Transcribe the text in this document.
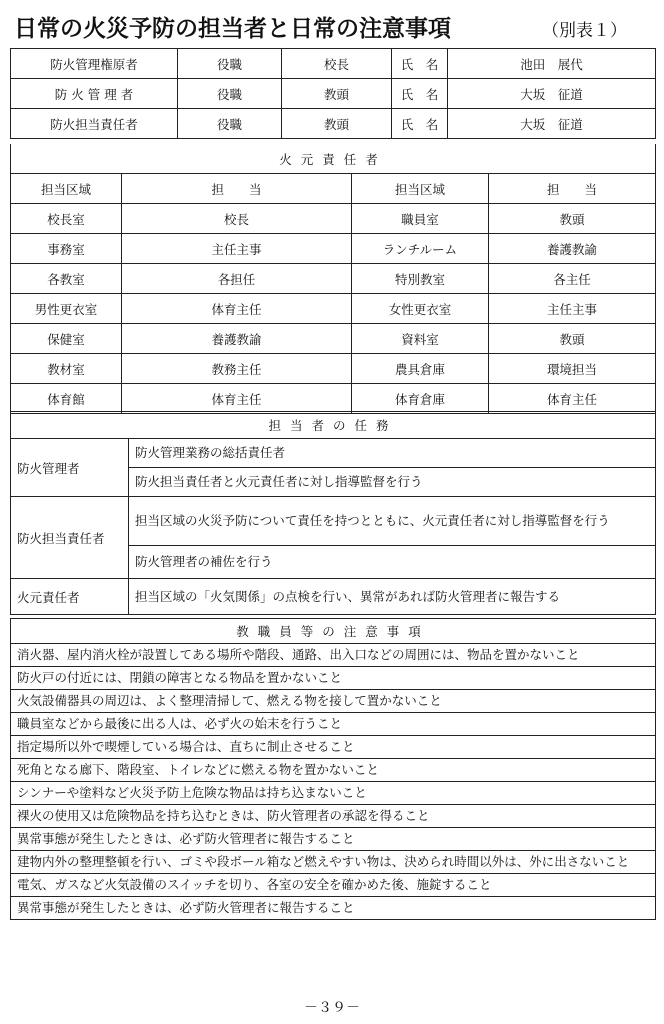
日常の火災予防の担当者と日常の注意事項	（別表１）
防火管理権原者	役職	校長	氏　名	池田　展代
防 火 管 理 者	役職	教頭	氏　名	大坂　征道
防火担当責任者	役職	教頭	氏　名	大坂　征道
火元責任者			
担当区域	担　　当	担当区域	担　　当
校長室	校長	職員室	教頭
事務室	主任主事	ランチルーム	養護教諭
各教室	各担任	特別教室	各主任
男性更衣室	体育主任	女性更衣室	主任主事
保健室	養護教諭	資料室	教頭
教材室	教務主任	農具倉庫	環境担当
体育館	体育主任	体育倉庫	体育主任
担当者の任務	
防火管理者	防火管理業務の総括責任者
	防火担当責任者と火元責任者に対し指導監督を行う
防火担当責任者	担当区域の火災予防について責任を持つとともに、火元責任者に対し指導監督を行う
	防火管理者の補佐を行う
火元責任者	担当区域の「火気関係」の点検を行い、異常があれば防火管理者に報告する
教職員等の注意事項
消火器、屋内消火栓が設置してある場所や階段、通路、出入口などの周囲には、物品を置かないこと
防火戸の付近には、閉鎖の障害となる物品を置かないこと
火気設備器具の周辺は、よく整理清掃して、燃える物を接して置かないこと
職員室などから最後に出る人は、必ず火の始末を行うこと
指定場所以外で喫煙している場合は、直ちに制止させること
死角となる廊下、階段室、トイレなどに燃える物を置かないこと
シンナーや塗料など火災予防上危険な物品は持ち込まないこと
裸火の使用又は危険物品を持ち込むときは、防火管理者の承認を得ること
異常事態が発生したときは、必ず防火管理者に報告すること
建物内外の整理整頓を行い、ゴミや段ボール箱など燃えやすい物は、決められ時間以外は、外に出さないこと
電気、ガスなど火気設備のスイッチを切り、各室の安全を確かめた後、施錠すること
異常事態が発生したときは、必ず防火管理者に報告すること
－３９－
